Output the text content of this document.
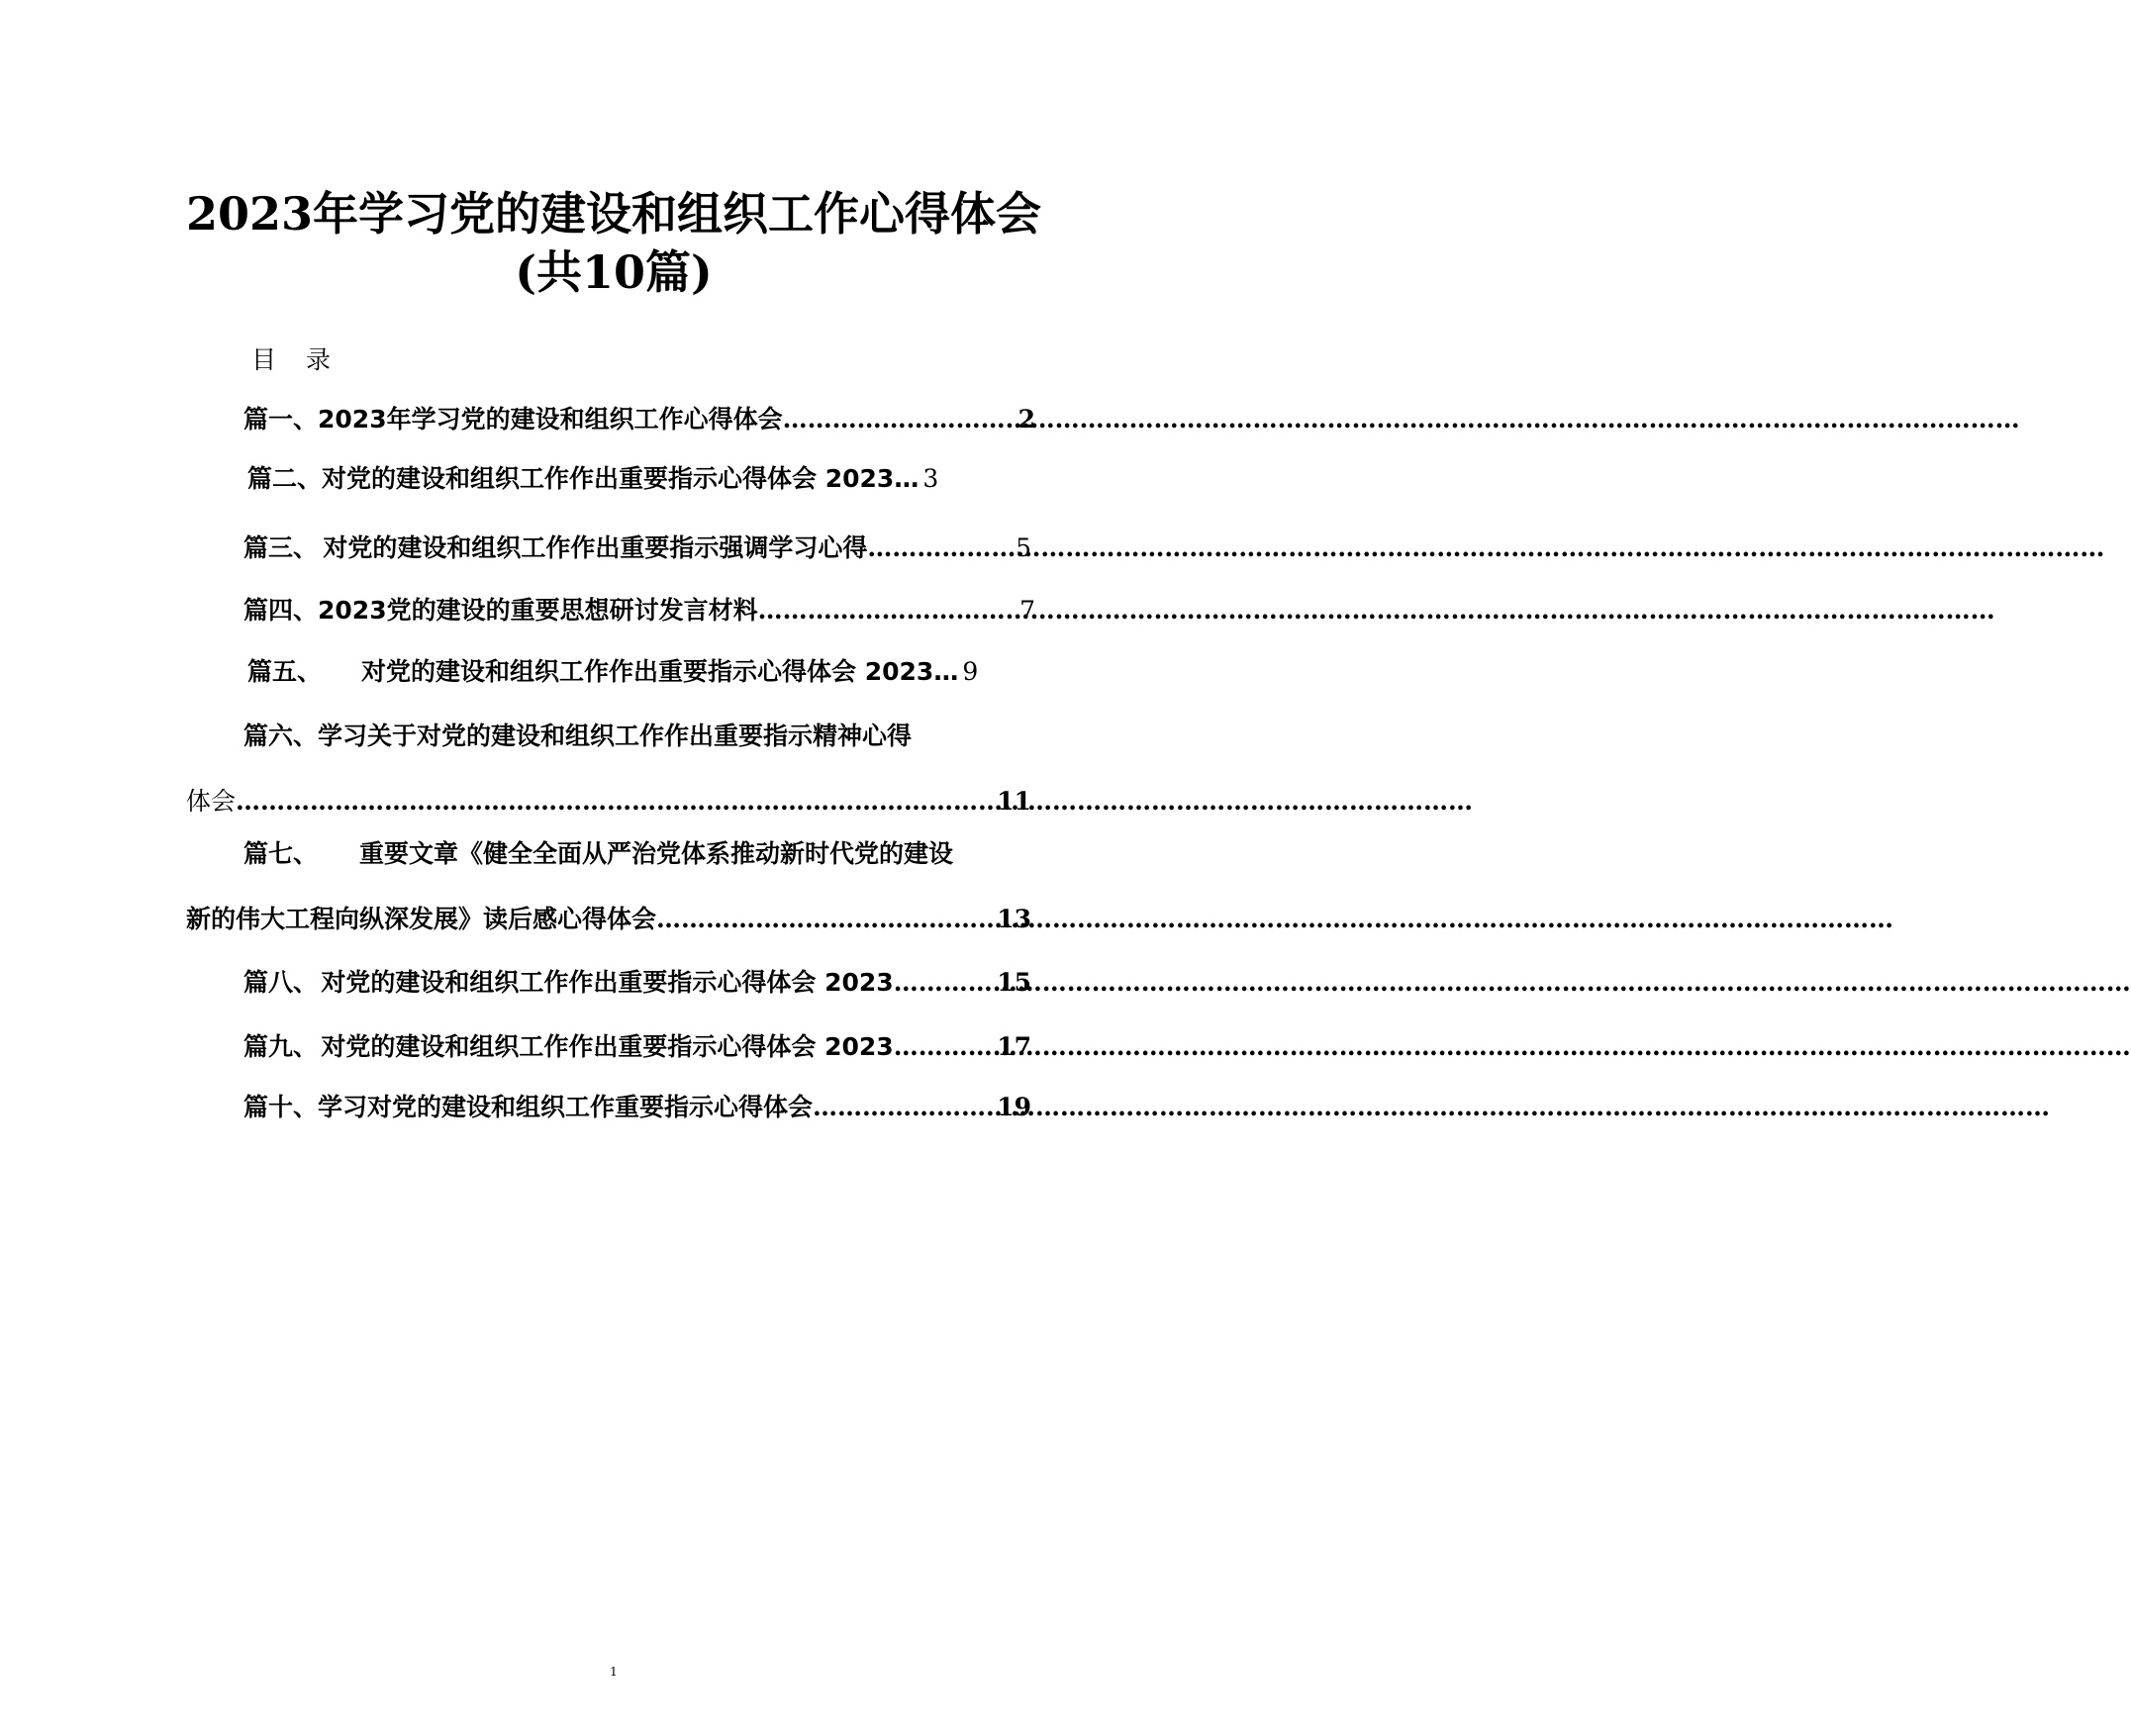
2023年学习党的建设和组织工作心得体会
(共10篇)
目录
篇一、 2023年学习党的建设和组织工作心得体会 ……………………………………………………………………………………………………………………………………	2
篇二、 对党的建设和组织工作作出重要指示心得体会 2023 … 3
篇三、 对党的建设和组织工作作出重要指示强调学习心得 ……………………………………………………………………………………………………………………………………	5
篇四、 2023党的建设的重要思想研讨发言材料 ……………………………………………………………………………………………………………………………………	7
篇五、 对党的建设和组织工作作出重要指示心得体会 2023 … 9
篇六、 学习关于对党的建设和组织工作作出重要指示精神心得
体会 ……………………………………………………………………………………………………………………………………	11
篇七、 重要文章《健全全面从严治党体系推动新时代党的建设
新的伟大工程向纵深发展》读后感心得体会 ……………………………………………………………………………………………………………………………………	13
篇八、 对党的建设和组织工作作出重要指示心得体会 2023 ……………………………………………………………………………………………………………………………………	15
篇九、 对党的建设和组织工作作出重要指示心得体会 2023 ……………………………………………………………………………………………………………………………………	17
篇十、 学习对党的建设和组织工作重要指示心得体会 ……………………………………………………………………………………………………………………………………	19
1
